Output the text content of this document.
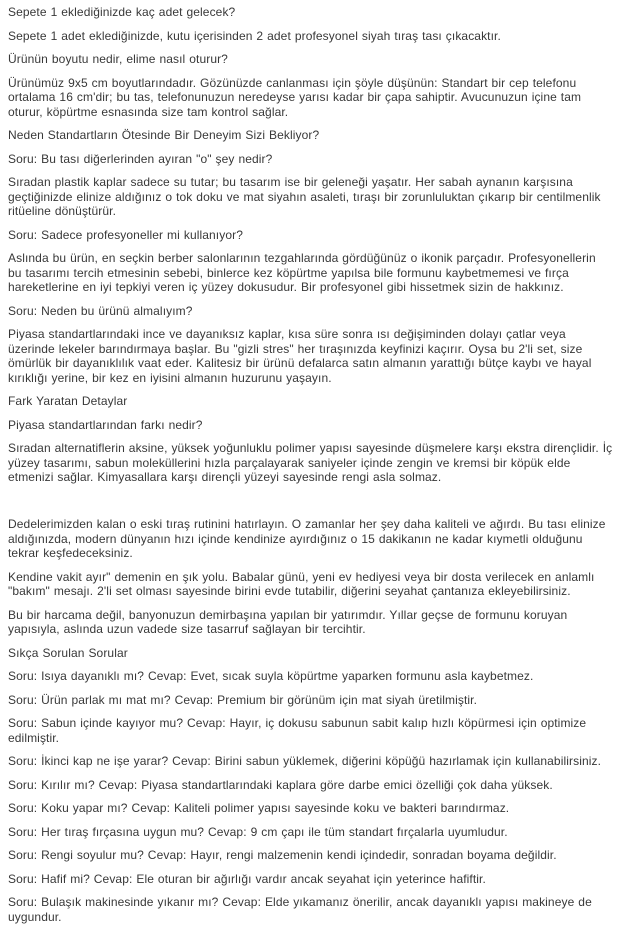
Sepete 1 eklediğinizde kaç adet gelecek?

Sepete 1 adet eklediğinizde, kutu içerisinden 2 adet profesyonel siyah tıraş tası çıkacaktır.

Ürünün boyutu nedir, elime nasıl oturur?

Ürünümüz 9x5 cm boyutlarındadır. Gözünüzde canlanması için şöyle düşünün: Standart bir cep telefonu ortalama 16 cm'dir; bu tas, telefonunuzun neredeyse yarısı kadar bir çapa sahiptir. Avucunuzun içine tam oturur, köpürtme esnasında size tam kontrol sağlar.

Neden Standartların Ötesinde Bir Deneyim Sizi Bekliyor?

Soru: Bu tası diğerlerinden ayıran "o" şey nedir?

Sıradan plastik kaplar sadece su tutar; bu tasarım ise bir geleneği yaşatır. Her sabah aynanın karşısına geçtiğinizde elinize aldığınız o tok doku ve mat siyahın asaleti, tıraşı bir zorunluluktan çıkarıp bir centilmenlik ritüeline dönüştürür.

Soru: Sadece profesyoneller mi kullanıyor?

Aslında bu ürün, en seçkin berber salonlarının tezgahlarında gördüğünüz o ikonik parçadır. Profesyonellerin bu tasarımı tercih etmesinin sebebi, binlerce kez köpürtme yapılsa bile formunu kaybetmemesi ve fırça hareketlerine en iyi tepkiyi veren iç yüzey dokusudur. Bir profesyonel gibi hissetmek sizin de hakkınız.

Soru: Neden bu ürünü almalıyım?

Piyasa standartlarındaki ince ve dayanıksız kaplar, kısa süre sonra ısı değişiminden dolayı çatlar veya üzerinde lekeler barındırmaya başlar. Bu "gizli stres" her tıraşınızda keyfinizi kaçırır. Oysa bu 2'li set, size ömürlük bir dayanıklılık vaat eder. Kalitesiz bir ürünü defalarca satın almanın yarattığı bütçe kaybı ve hayal kırıklığı yerine, bir kez en iyisini almanın huzurunu yaşayın.

Fark Yaratan Detaylar

Piyasa standartlarından farkı nedir?

Sıradan alternatiflerin aksine, yüksek yoğunluklu polimer yapısı sayesinde düşmelere karşı ekstra dirençlidir. İç yüzey tasarımı, sabun moleküllerini hızla parçalayarak saniyeler içinde zengin ve kremsi bir köpük elde etmenizi sağlar. Kimyasallara karşı dirençli yüzeyi sayesinde rengi asla solmaz.

Dedelerimizden kalan o eski tıraş rutinini hatırlayın. O zamanlar her şey daha kaliteli ve ağırdı. Bu tası elinize aldığınızda, modern dünyanın hızı içinde kendinize ayırdığınız o 15 dakikanın ne kadar kıymetli olduğunu tekrar keşfedeceksiniz.

Kendine vakit ayır" demenin en şık yolu. Babalar günü, yeni ev hediyesi veya bir dosta verilecek en anlamlı "bakım" mesajı. 2'li set olması sayesinde birini evde tutabilir, diğerini seyahat çantanıza ekleyebilirsiniz.

Bu bir harcama değil, banyonuzun demirbaşına yapılan bir yatırımdır. Yıllar geçse de formunu koruyan yapısıyla, aslında uzun vadede size tasarruf sağlayan bir tercihtir.

Sıkça Sorulan Sorular

Soru: Isıya dayanıklı mı? Cevap: Evet, sıcak suyla köpürtme yaparken formunu asla kaybetmez.

Soru: Ürün parlak mı mat mı? Cevap: Premium bir görünüm için mat siyah üretilmiştir.

Soru: Sabun içinde kayıyor mu? Cevap: Hayır, iç dokusu sabunun sabit kalıp hızlı köpürmesi için optimize edilmiştir.

Soru: İkinci kap ne işe yarar? Cevap: Birini sabun yüklemek, diğerini köpüğü hazırlamak için kullanabilirsiniz.

Soru: Kırılır mı? Cevap: Piyasa standartlarındaki kaplara göre darbe emici özelliği çok daha yüksek.

Soru: Koku yapar mı? Cevap: Kaliteli polimer yapısı sayesinde koku ve bakteri barındırmaz.

Soru: Her tıraş fırçasına uygun mu? Cevap: 9 cm çapı ile tüm standart fırçalarla uyumludur.

Soru: Rengi soyulur mu? Cevap: Hayır, rengi malzemenin kendi içindedir, sonradan boyama değildir.

Soru: Hafif mi? Cevap: Ele oturan bir ağırlığı vardır ancak seyahat için yeterince hafiftir.

Soru: Bulaşık makinesinde yıkanır mı? Cevap: Elde yıkamanız önerilir, ancak dayanıklı yapısı makineye de uygundur.
